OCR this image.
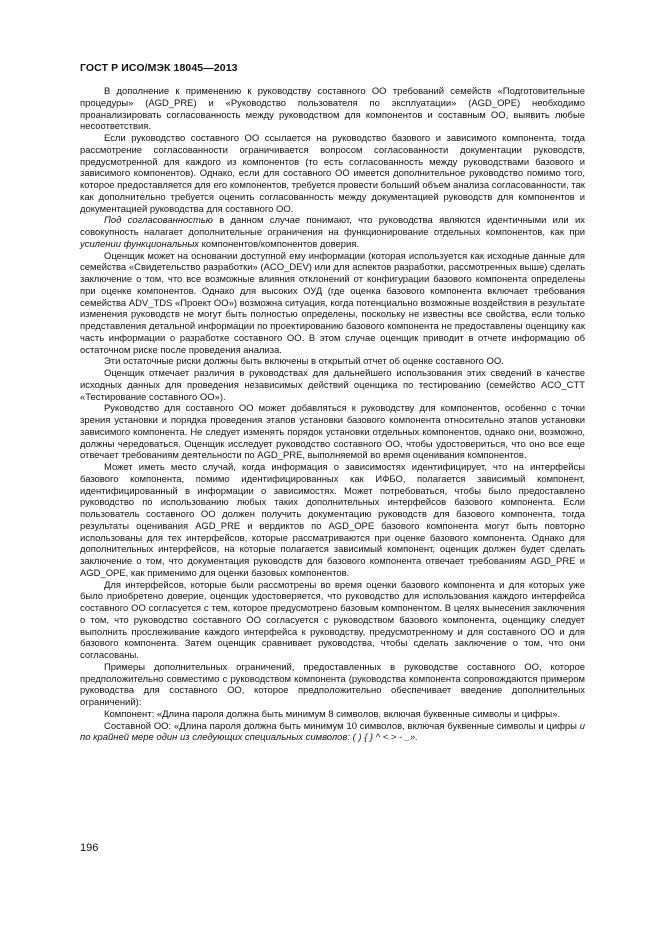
ГОСТ Р ИСО/МЭК 18045—2013

В дополнение к применению к руководству составного ОО требований семейств «Подготовительные процедуры» (AGD_PRE) и «Руководство пользователя по эксплуатации» (AGD_OPE) необходимо проанализировать согласованность между руководством для компонентов и составным ОО, выявить любые несоответствия.

Если руководство составного ОО ссылается на руководство базового и зависимого компонента, тогда рассмотрение согласованности ограничивается вопросом согласованности документации руководств, предусмотренной для каждого из компонентов (то есть согласованность между руководствами базового и зависимого компонентов). Однако, если для составного ОО имеется дополнительное руководство помимо того, которое предоставляется для его компонентов, требуется провести больший объем анализа согласованности, так как дополнительно требуется оценить согласованность между документацией руководств для компонентов и документацией руководства для составного ОО.

Под согласованностью в данном случае понимают, что руководства являются идентичными или их совокупность налагает дополнительные ограничения на функционирование отдельных компонентов, как при усилении функциональных компонентов/компонентов доверия.

Оценщик может на основании доступной ему информации (которая используется как исходные данные для семейства «Свидетельство разработки» (ACO_DEV) или для аспектов разработки, рассмотренных выше) сделать заключение о том, что все возможные влияния отклонений от конфигурации базового компонента определены при оценке компонентов. Однако для высоких ОУД (где оценка базового компонента включает требования семейства ADV_TDS «Проект ОО») возможна ситуация, когда потенциально возможные воздействия в результате изменения руководств не могут быть полностью определены, поскольку не известны все свойства, если только представления детальной информации по проектированию базового компонента не предоставлены оценщику как часть информации о разработке составного ОО. В этом случае оценщик приводит в отчете информацию об остаточном риске после проведения анализа.

Эти остаточные риски должны быть включены в открытый отчет об оценке составного ОО.

Оценщик отмечает различия в руководствах для дальнейшего использования этих сведений в качестве исходных данных для проведения независимых действий оценщика по тестированию (семейство ACO_CTT «Тестирование составного ОО»).

Руководство для составного ОО может добавляться к руководству для компонентов, особенно с точки зрения установки и порядка проведения этапов установки базового компонента относительно этапов установки зависимого компонента. Не следует изменять порядок установки отдельных компонентов, однако они, возможно, должны чередоваться. Оценщик исследует руководство составного ОО, чтобы удостовериться, что оно все еще отвечает требованиям деятельности по AGD_PRE, выполняемой во время оценивания компонентов.

Может иметь место случай, когда информация о зависимостях идентифицирует, что на интерфейсы базового компонента, помимо идентифицированных как ИФБО, полагается зависимый компонент, идентифицированный в информации о зависимостях. Может потребоваться, чтобы было предоставлено руководство по использованию любых таких дополнительных интерфейсов базового компонента. Если пользователь составного ОО должен получить документацию руководств для базового компонента, тогда результаты оценивания AGD_PRE и вердиктов по AGD_OPE базового компонента могут быть повторно использованы для тех интерфейсов, которые рассматриваются при оценке базового компонента. Однако для дополнительных интерфейсов, на которые полагается зависимый компонент, оценщик должен будет сделать заключение о том, что документация руководств для базового компонента отвечает требованиям AGD_PRE и AGD_OPE, как применимо для оценки базовых компонентов.

Для интерфейсов, которые были рассмотрены во время оценки базового компонента и для которых уже было приобретено доверие, оценщик удостоверяется, что руководство для использования каждого интерфейса составного ОО согласуется с тем, которое предусмотрено базовым компонентом. В целях вынесения заключения о том, что руководство составного ОО согласуется с руководством базового компонента, оценщику следует выполнить прослеживание каждого интерфейса к руководству, предусмотренному и для составного ОО и для базового компонента. Затем оценщик сравнивает руководства, чтобы сделать заключение о том, что они согласованы.

Примеры дополнительных ограничений, предоставленных в руководстве составного ОО, которое предположительно совместимо с руководством компонента (руководства компонента сопровождаются примером руководства для составного ОО, которое предположительно обеспечивает введение дополнительных ограничений):

Компонент: «Длина пароля должна быть минимум 8 символов, включая буквенные символы и цифры».

Составной ОО: «Длина пароля должна быть минимум 10 символов, включая буквенные символы и цифры и по крайней мере один из следующих специальных символов: ( ) { } ^ < > - _».

196
